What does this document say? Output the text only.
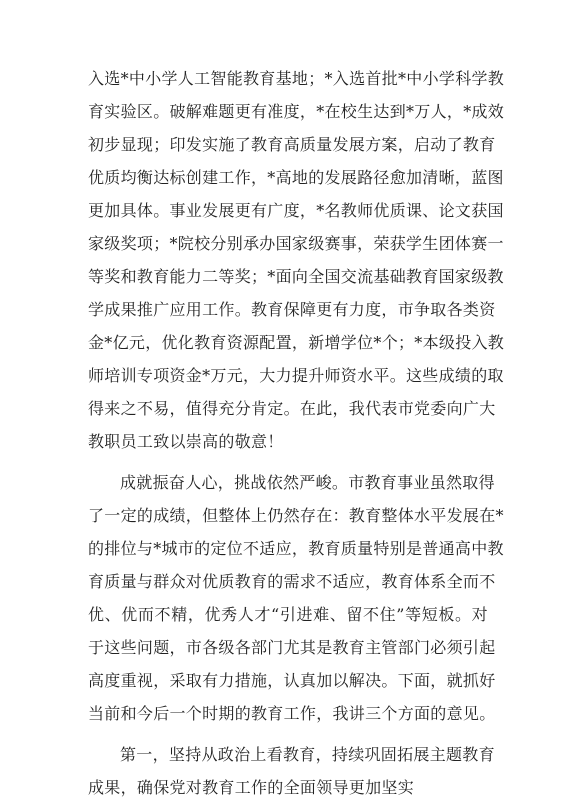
入选*中小学人工智能教育基地；*入选首批*中小学科学教
育实验区。破解难题更有准度，*在校生达到*万人，*成效
初步显现；印发实施了教育高质量发展方案，启动了教育
优质均衡达标创建工作，*高地的发展路径愈加清晰，蓝图
更加具体。事业发展更有广度，*名教师优质课、论文获国
家级奖项；*院校分别承办国家级赛事，荣获学生团体赛一
等奖和教育能力二等奖；*面向全国交流基础教育国家级教
学成果推广应用工作。教育保障更有力度，市争取各类资
金*亿元，优化教育资源配置，新增学位*个；*本级投入教
师培训专项资金*万元，大力提升师资水平。这些成绩的取
得来之不易，值得充分肯定。在此，我代表市党委向广大
教职员工致以崇高的敬意！
成就振奋人心，挑战依然严峻。市教育事业虽然取得
了一定的成绩，但整体上仍然存在：教育整体水平发展在*
的排位与*城市的定位不适应，教育质量特别是普通高中教
育质量与群众对优质教育的需求不适应，教育体系全而不
优、优而不精，优秀人才“引进难、留不住”等短板。对
于这些问题，市各级各部门尤其是教育主管部门必须引起
高度重视，采取有力措施，认真加以解决。下面，就抓好
当前和今后一个时期的教育工作，我讲三个方面的意见。
第一，坚持从政治上看教育，持续巩固拓展主题教育
成果，确保党对教育工作的全面领导更加坚实
